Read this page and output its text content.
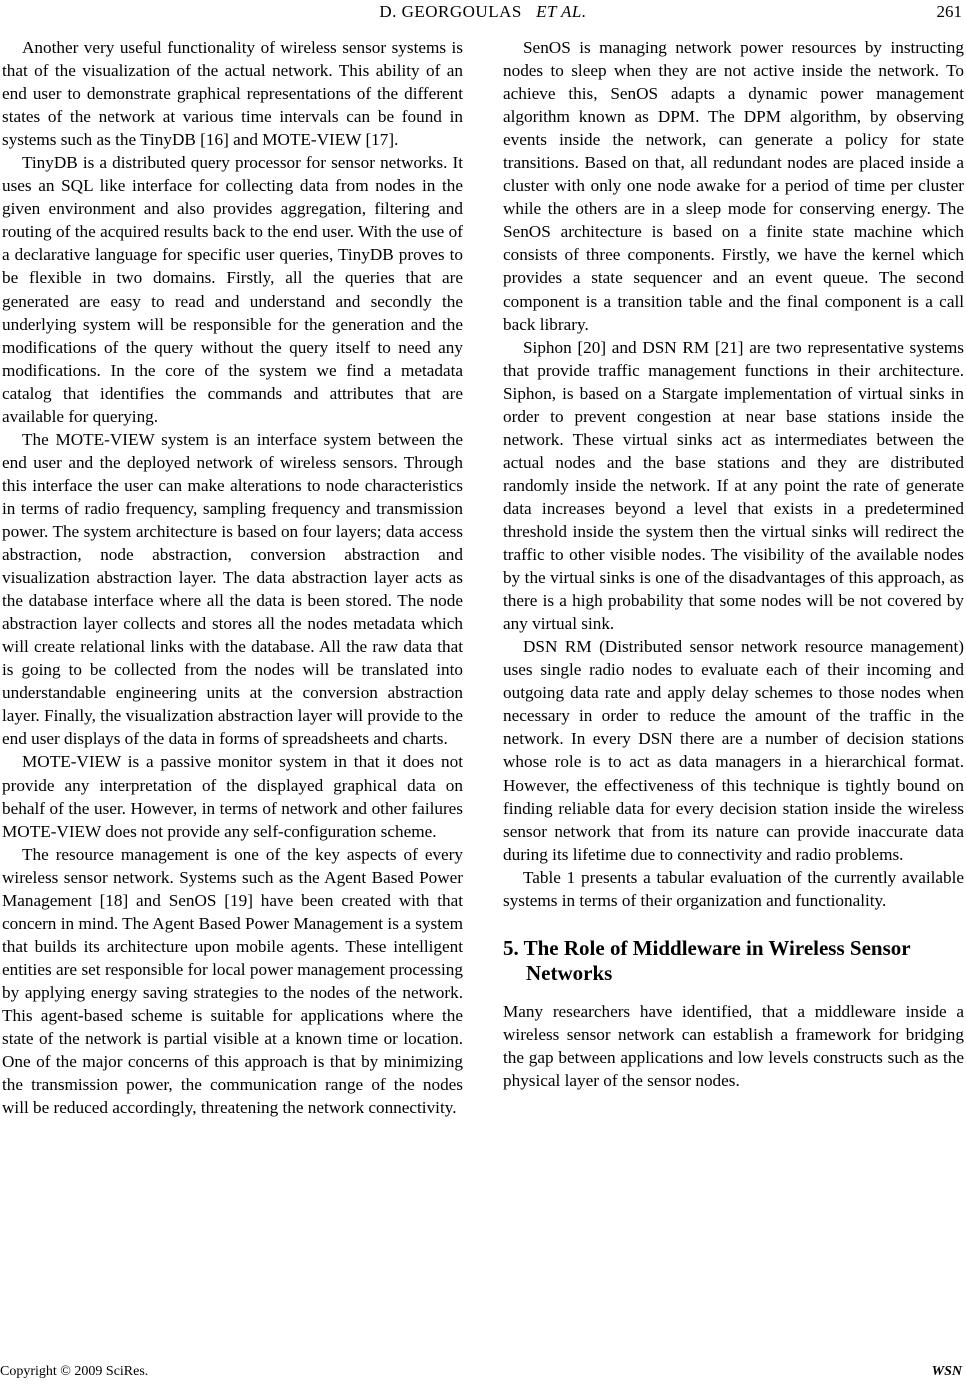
D. GEORGOULAS ET AL.	261

Another very useful functionality of wireless sensor systems is that of the visualization of the actual network. This ability of an end user to demonstrate graphical representations of the different states of the network at various time intervals can be found in systems such as the TinyDB [16] and MOTE-VIEW [17].

TinyDB is a distributed query processor for sensor networks. It uses an SQL like interface for collecting data from nodes in the given environment and also provides aggregation, filtering and routing of the acquired results back to the end user. With the use of a declarative language for specific user queries, TinyDB proves to be flexible in two domains. Firstly, all the queries that are generated are easy to read and understand and secondly the underlying system will be responsible for the generation and the modifications of the query without the query itself to need any modifications. In the core of the system we find a metadata catalog that identifies the commands and attributes that are available for querying.

The MOTE-VIEW system is an interface system between the end user and the deployed network of wireless sensors. Through this interface the user can make alterations to node characteristics in terms of radio frequency, sampling frequency and transmission power. The system architecture is based on four layers; data access abstraction, node abstraction, conversion abstraction and visualization abstraction layer. The data abstraction layer acts as the database interface where all the data is been stored. The node abstraction layer collects and stores all the nodes metadata which will create relational links with the database. All the raw data that is going to be collected from the nodes will be translated into understandable engineering units at the conversion abstraction layer. Finally, the visualization abstraction layer will provide to the end user displays of the data in forms of spreadsheets and charts.

MOTE-VIEW is a passive monitor system in that it does not provide any interpretation of the displayed graphical data on behalf of the user. However, in terms of network and other failures MOTE-VIEW does not provide any self-configuration scheme.

The resource management is one of the key aspects of every wireless sensor network. Systems such as the Agent Based Power Management [18] and SenOS [19] have been created with that concern in mind. The Agent Based Power Management is a system that builds its architecture upon mobile agents. These intelligent entities are set responsible for local power management processing by applying energy saving strategies to the nodes of the network. This agent-based scheme is suitable for applications where the state of the network is partial visible at a known time or location. One of the major concerns of this approach is that by minimizing the transmission power, the communication range of the nodes will be reduced accordingly, threatening the network connectivity.

SenOS is managing network power resources by instructing nodes to sleep when they are not active inside the network. To achieve this, SenOS adapts a dynamic power management algorithm known as DPM. The DPM algorithm, by observing events inside the network, can generate a policy for state transitions. Based on that, all redundant nodes are placed inside a cluster with only one node awake for a period of time per cluster while the others are in a sleep mode for conserving energy. The SenOS architecture is based on a finite state machine which consists of three components. Firstly, we have the kernel which provides a state sequencer and an event queue. The second component is a transition table and the final component is a call back library.

Siphon [20] and DSN RM [21] are two representative systems that provide traffic management functions in their architecture. Siphon, is based on a Stargate implementation of virtual sinks in order to prevent congestion at near base stations inside the network. These virtual sinks act as intermediates between the actual nodes and the base stations and they are distributed randomly inside the network. If at any point the rate of generate data increases beyond a level that exists in a predetermined threshold inside the system then the virtual sinks will redirect the traffic to other visible nodes. The visibility of the available nodes by the virtual sinks is one of the disadvantages of this approach, as there is a high probability that some nodes will be not covered by any virtual sink.

DSN RM (Distributed sensor network resource management) uses single radio nodes to evaluate each of their incoming and outgoing data rate and apply delay schemes to those nodes when necessary in order to reduce the amount of the traffic in the network. In every DSN there are a number of decision stations whose role is to act as data managers in a hierarchical format. However, the effectiveness of this technique is tightly bound on finding reliable data for every decision station inside the wireless sensor network that from its nature can provide inaccurate data during its lifetime due to connectivity and radio problems.

Table 1 presents a tabular evaluation of the currently available systems in terms of their organization and functionality.

5. The Role of Middleware in Wireless Sensor Networks

Many researchers have identified, that a middleware inside a wireless sensor network can establish a framework for bridging the gap between applications and low levels constructs such as the physical layer of the sensor nodes.

Copyright © 2009 SciRes.	WSN
